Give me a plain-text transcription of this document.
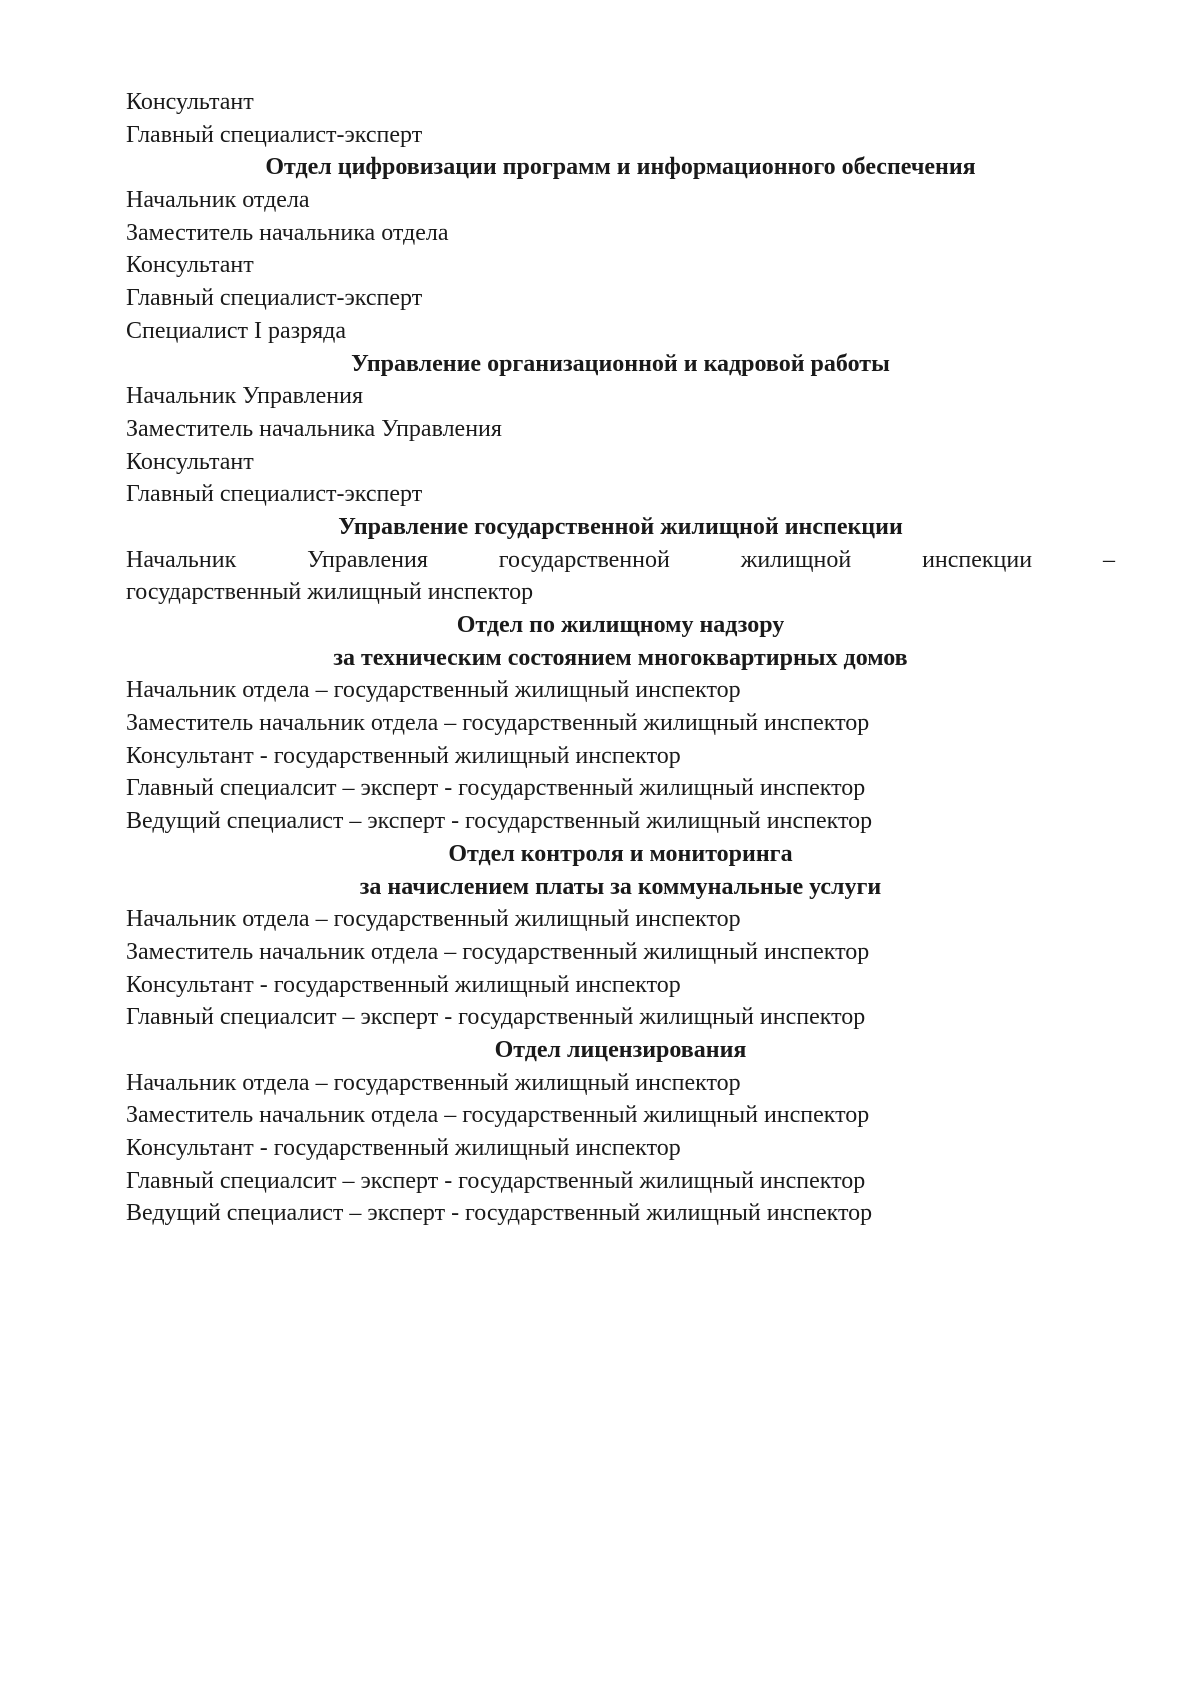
Консультант
Главный специалист-эксперт
Отдел цифровизации программ и информационного обеспечения
Начальник отдела
Заместитель начальника отдела
Консультант
Главный специалист-эксперт
Специалист I разряда
Управление организационной и кадровой работы
Начальник Управления
Заместитель начальника Управления
Консультант
Главный специалист-эксперт
Управление государственной жилищной инспекции
Начальник Управления государственной жилищной инспекции –
государственный жилищный инспектор
Отдел по жилищному надзору
за техническим состоянием многоквартирных домов
Начальник отдела – государственный жилищный инспектор
Заместитель начальник отдела – государственный жилищный инспектор
Консультант - государственный жилищный инспектор
Главный специалсит – эксперт - государственный жилищный инспектор
Ведущий специалист – эксперт - государственный жилищный инспектор
Отдел контроля и мониторинга
за начислением платы за коммунальные услуги
Начальник отдела – государственный жилищный инспектор
Заместитель начальник отдела – государственный жилищный инспектор
Консультант - государственный жилищный инспектор
Главный специалсит – эксперт - государственный жилищный инспектор
Отдел лицензирования
Начальник отдела – государственный жилищный инспектор
Заместитель начальник отдела – государственный жилищный инспектор
Консультант - государственный жилищный инспектор
Главный специалсит – эксперт - государственный жилищный инспектор
Ведущий специалист – эксперт - государственный жилищный инспектор
